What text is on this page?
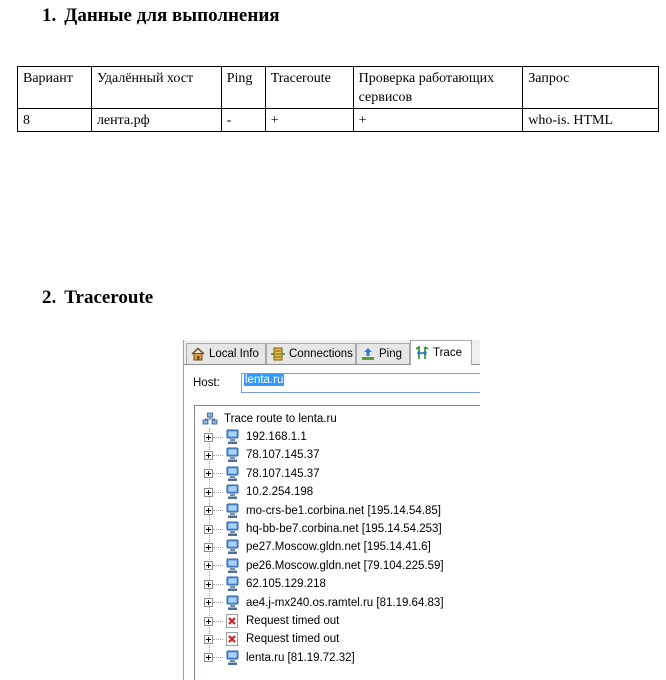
1. Данные для выполнения
Вариант	Удалённый хост	Ping	Traceroute	Проверка работающих сервисов	Запрос
8	лента.рф	-	+	+	who-is. HTML
2. Traceroute
Local Info	Connections Ping	Trace
Host:	lenta.ru
Trace route to lenta.ru
192.168.1.1
78.107.145.37
78.107.145.37
10.2.254.198
mo-crs-be1.corbina.net [195.14.54.85]
hq-bb-be7.corbina.net [195.14.54.253]
pe27.Moscow.gldn.net [195.14.41.6]
pe26.Moscow.gldn.net [79.104.225.59]
62.105.129.218
ae4.j-mx240.os.ramtel.ru [81.19.64.83]
Request timed out
Request timed out
lenta.ru [81.19.72.32]
